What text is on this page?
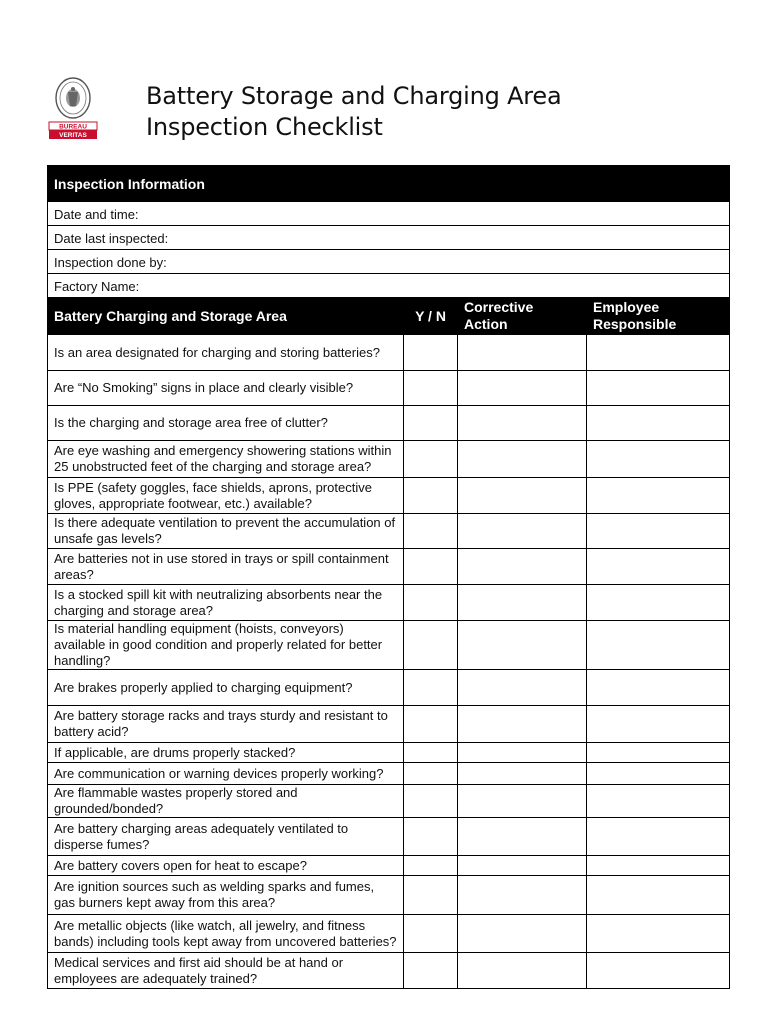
BUREAU
VERITAS
Battery Storage and Charging Area
Inspection Checklist
Inspection Information			
Date and time:			
Date last inspected:			
Inspection done by:			
Factory Name:			
Battery Charging and Storage Area	Y / N	Corrective Action	Employee Responsible
Is an area designated for charging and storing batteries?			
Are “No Smoking” signs in place and clearly visible?			
Is the charging and storage area free of clutter?			
Are eye washing and emergency showering stations within 25 unobstructed feet of the charging and storage area?			
Is PPE (safety goggles, face shields, aprons, protective gloves, appropriate footwear, etc.) available?			
Is there adequate ventilation to prevent the accumulation of unsafe gas levels?			
Are batteries not in use stored in trays or spill containment areas?			
Is a stocked spill kit with neutralizing absorbents near the charging and storage area?			
Is material handling equipment (hoists, conveyors) available in good condition and properly related for better handling?			
Are brakes properly applied to charging equipment?			
Are battery storage racks and trays sturdy and resistant to battery acid?			
If applicable, are drums properly stacked?			
Are communication or warning devices properly working?			
Are flammable wastes properly stored and grounded/bonded?			
Are battery charging areas adequately ventilated to disperse fumes?			
Are battery covers open for heat to escape?			
Are ignition sources such as welding sparks and fumes, gas burners kept away from this area?			
Are metallic objects (like watch, all jewelry, and fitness bands) including tools kept away from uncovered batteries?			
Medical services and first aid should be at hand or employees are adequately trained?			
